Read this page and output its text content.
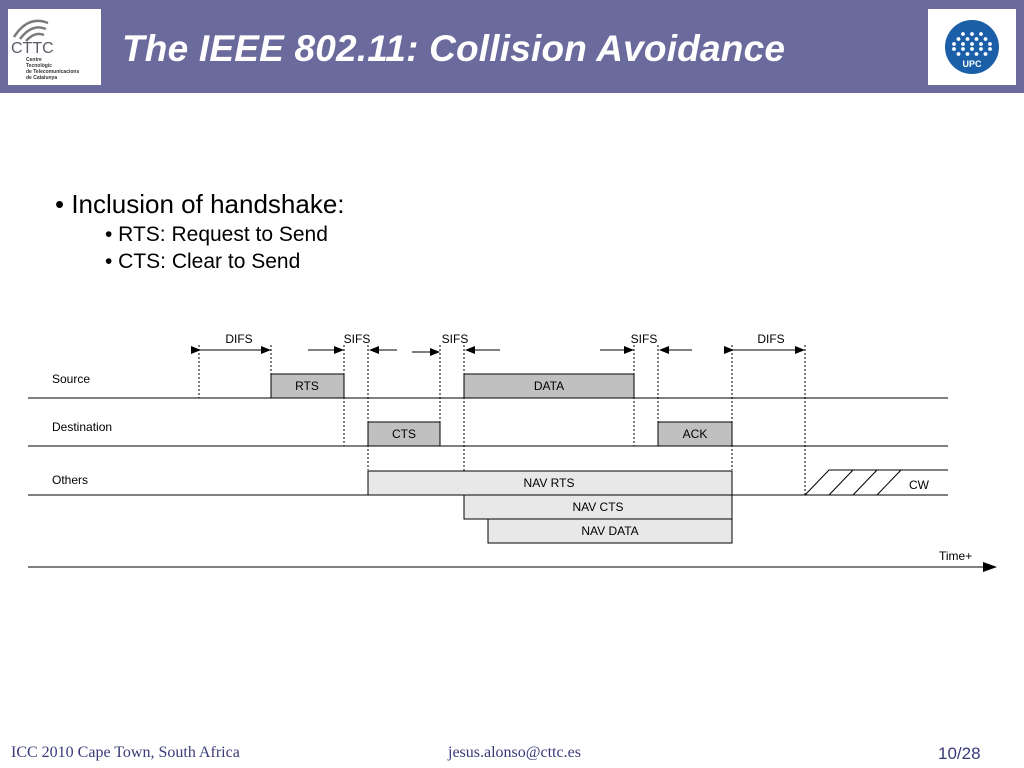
CTTC
Centre
Tecnològic
de Telecomunicacions
de Catalunya
The IEEE 802.11: Collision Avoidance	UPC
• Inclusion of handshake:
• RTS: Request to Send
• CTS: Clear to Send
Source
Destination
Others
DIFS	SIFS	SIFS	SIFS	DIFS
RTS	DATA
CTS	ACK
NAV RTS
NAV CTS
NAV DATA
CW
Time+
ICC 2010 Cape Town, South Africa	jesus.alonso@cttc.es	10/28
